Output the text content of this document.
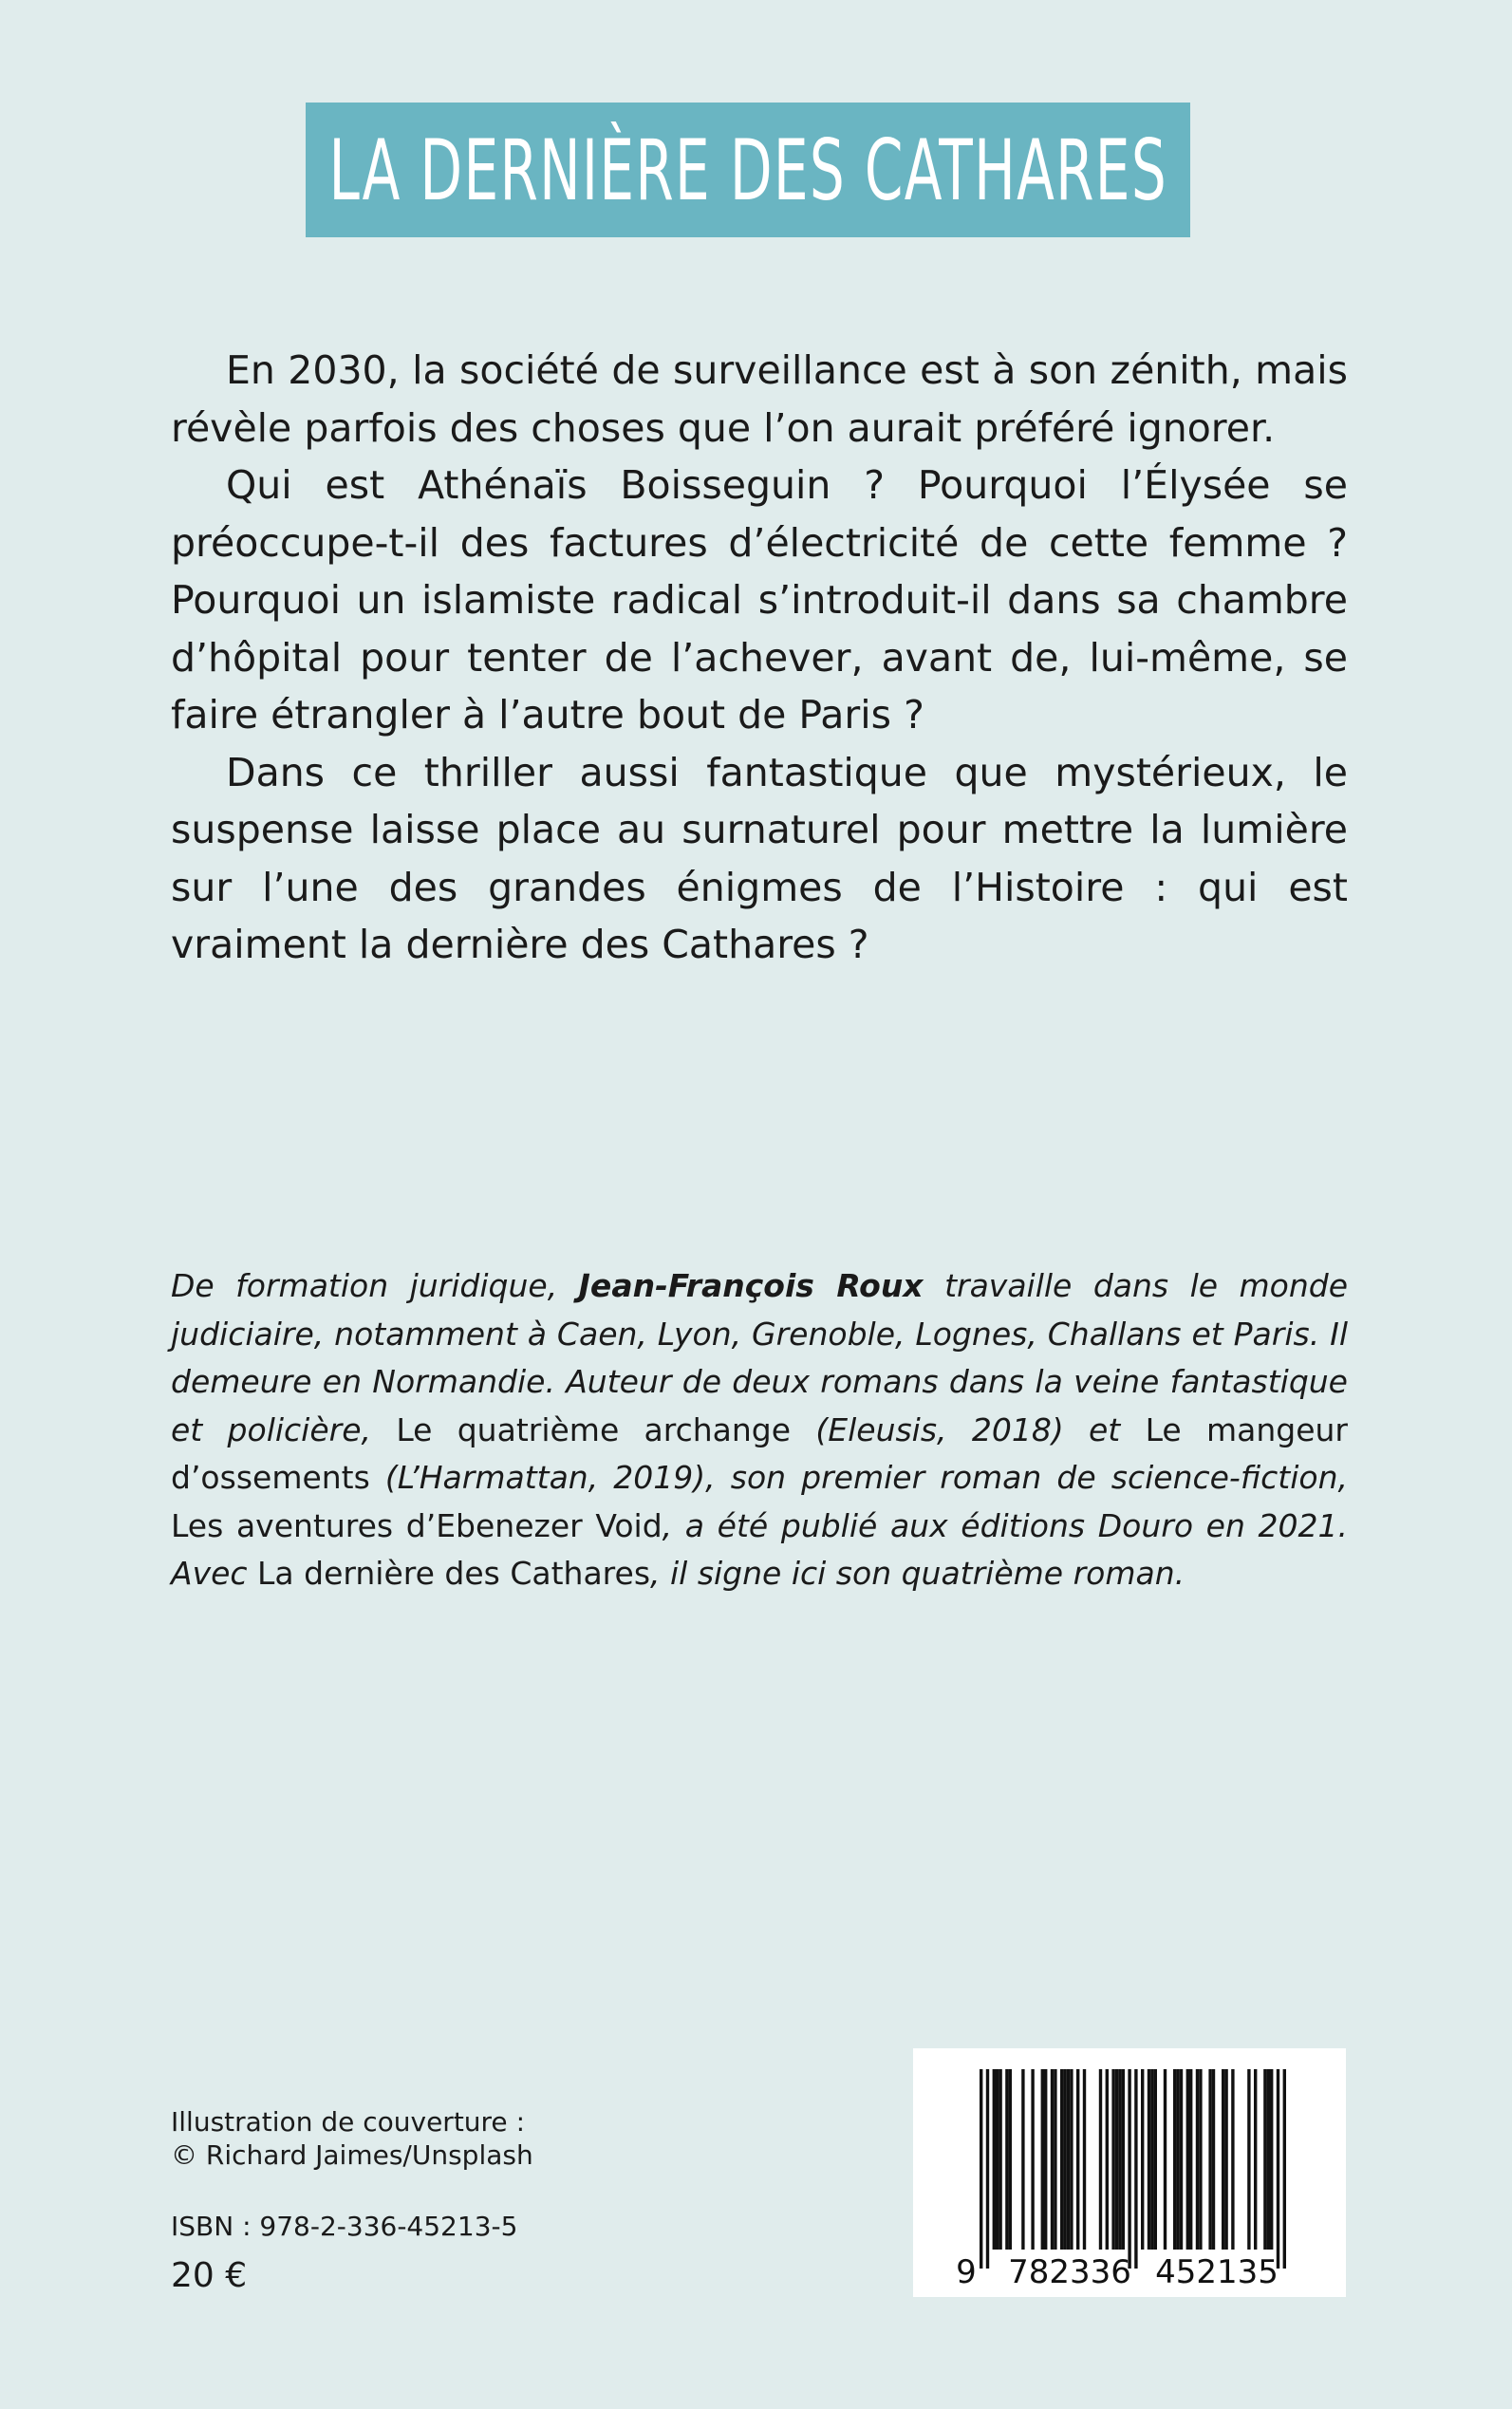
LA DERNIÈRE DES CATHARES

En 2030, la société de surveillance est à son zénith, mais révèle parfois des choses que l’on aurait préféré ignorer.

Qui est Athénaïs Boisseguin ? Pourquoi l’Élysée se préoccupe-t-il des factures d’électricité de cette femme ? Pourquoi un islamiste radical s’introduit-il dans sa chambre d’hôpital pour tenter de l’achever, avant de, lui-même, se faire étrangler à l’autre bout de Paris ?

Dans ce thriller aussi fantastique que mystérieux, le suspense laisse place au surnaturel pour mettre la lumière sur l’une des grandes énigmes de l’Histoire : qui est vraiment la dernière des Cathares ?

De formation juridique, Jean-François Roux travaille dans le monde judiciaire, notamment à Caen, Lyon, Grenoble, Lognes, Challans et Paris. Il demeure en Normandie. Auteur de deux romans dans la veine fantastique et policière, Le quatrième archange (Eleusis, 2018) et Le mangeur d’ossements (L’Harmattan, 2019), son premier roman de science-fiction, Les aventures d’Ebenezer Void, a été publié aux éditions Douro en 2021. Avec La dernière des Cathares, il signe ici son quatrième roman.

Illustration de couverture :
© Richard Jaimes/Unsplash
ISBN : 978-2-336-45213-5
20 €	9 782336 452135
